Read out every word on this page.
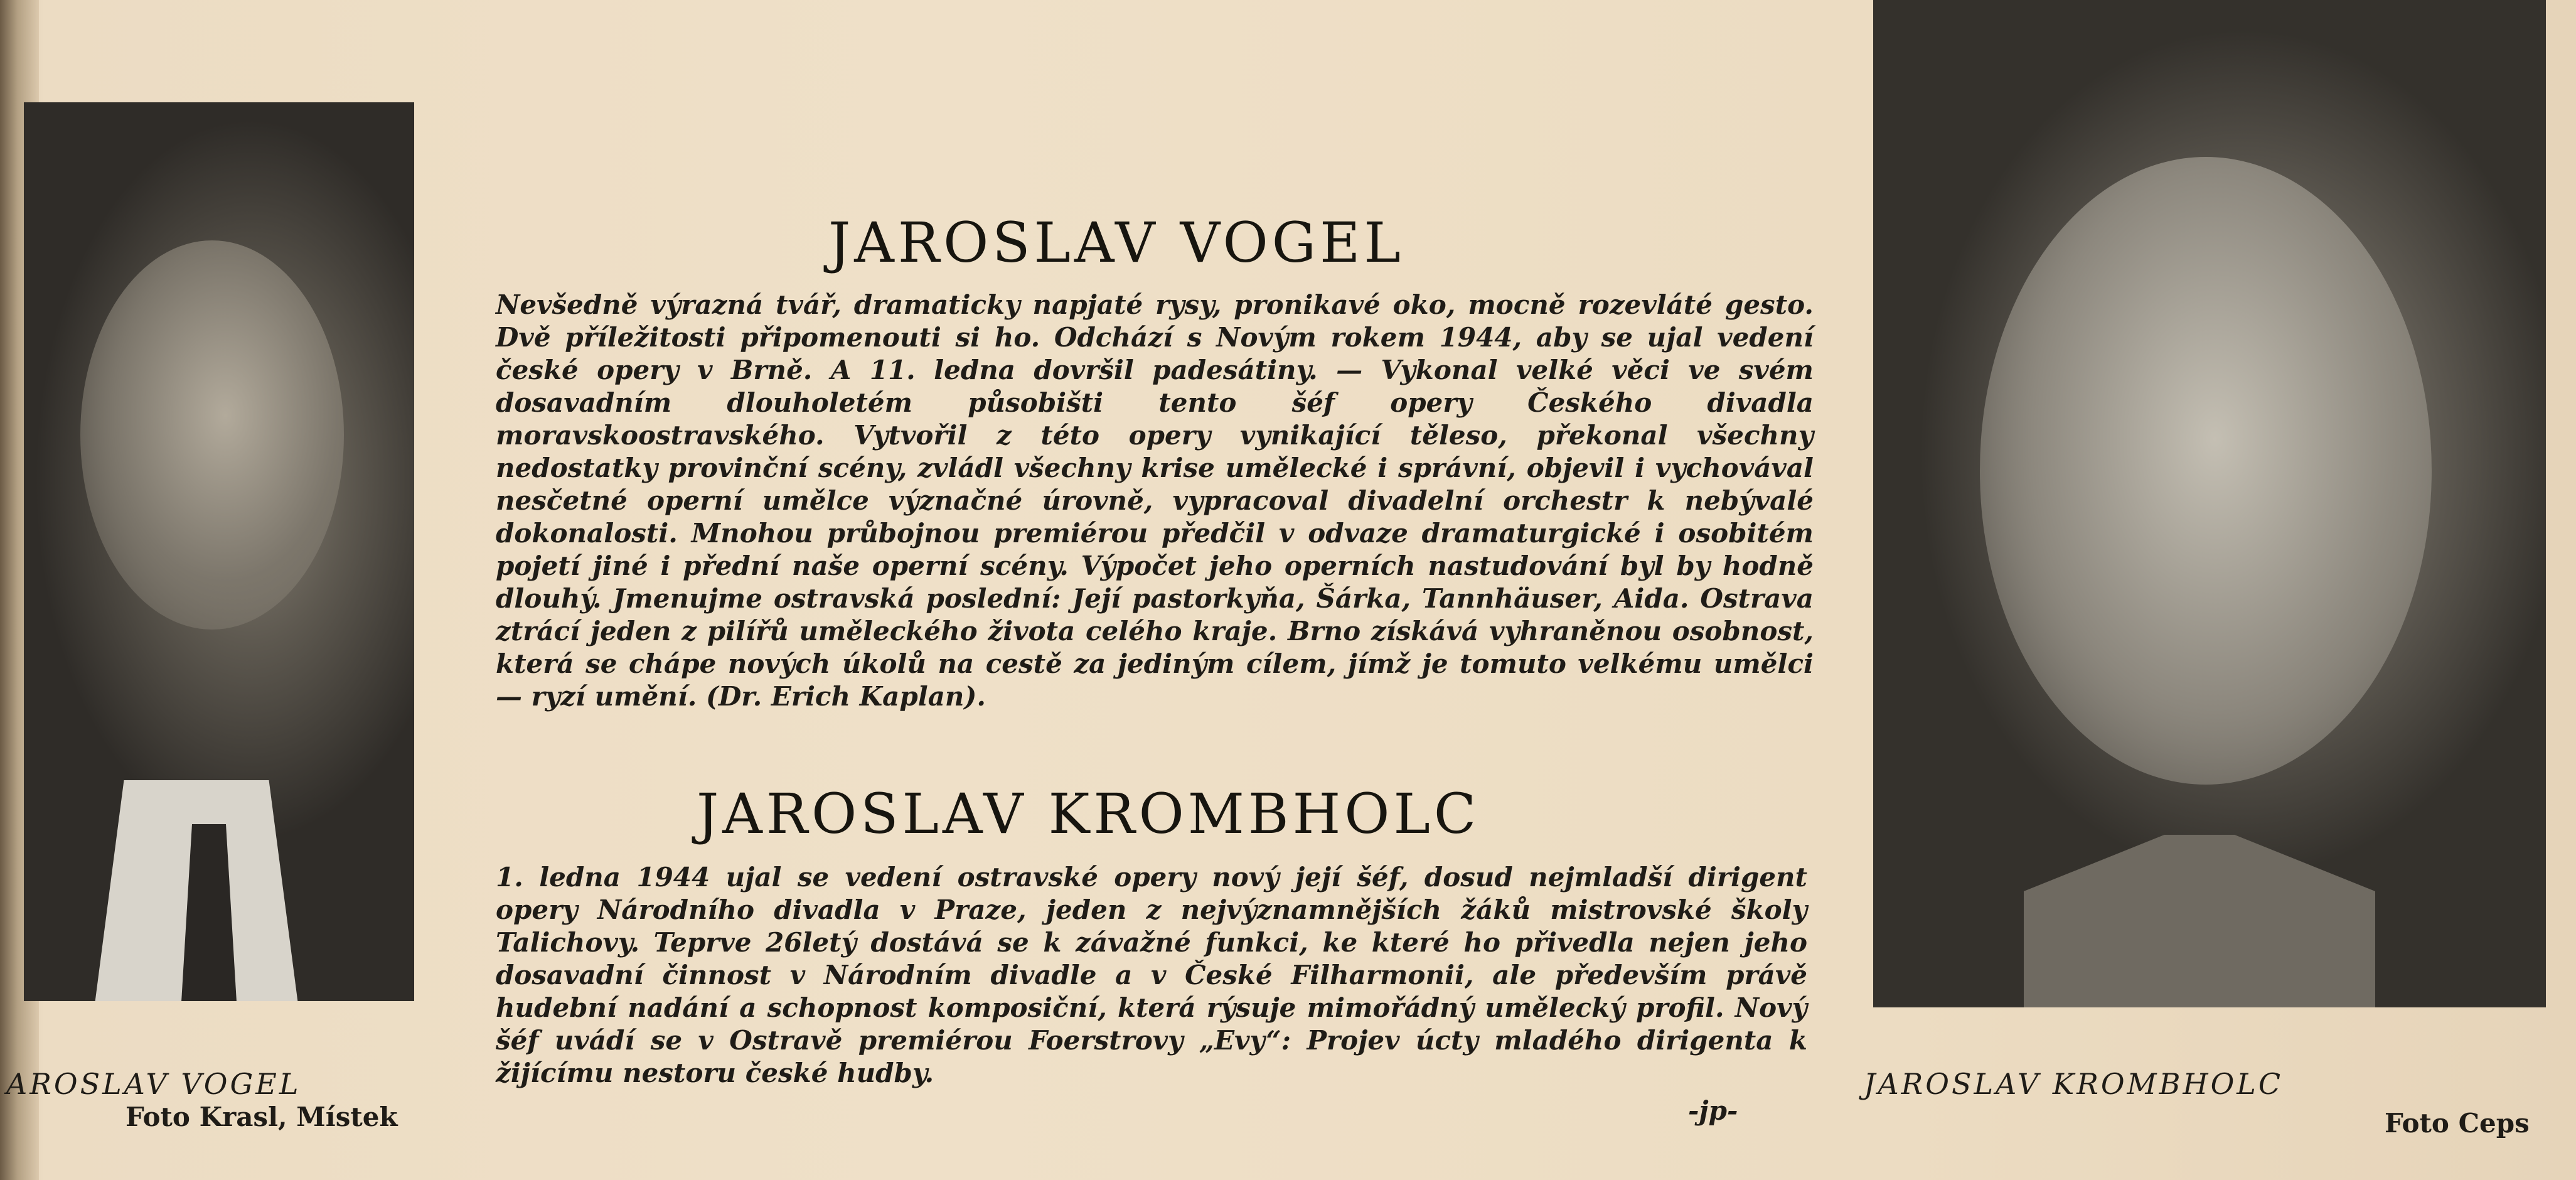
JAROSLAV VOGEL

Nevšedně výrazná tvář, dramaticky napjaté rysy, pronikavé oko, mocně rozevláté gesto. Dvě příležitosti připomenouti si ho. Odchází s Novým rokem 1944, aby se ujal vedení české opery v Brně. A 11. ledna dovršil padesátiny. — Vykonal velké věci ve svém dosavadním dlouholetém působišti tento šéf opery Českého divadla moravskoostravského. Vytvořil z této opery vynikající těleso, překonal všechny nedostatky provinční scény, zvládl všechny krise umělecké i správní, objevil i vychovával nesčetné operní umělce význačné úrovně, vypracoval divadelní orchestr k nebývalé dokonalosti. Mnohou průbojnou premiérou předčil v odvaze dramaturgické i osobitém pojetí jiné i přední naše operní scény. Výpočet jeho operních nastudování byl by hodně dlouhý. Jmenujme ostravská poslední: Její pastorkyňa, Šárka, Tannhäuser, Aida. Ostrava ztrácí jeden z pilířů uměleckého života celého kraje. Brno získává vyhraněnou osobnost, která se chápe nových úkolů na cestě za jediným cílem, jímž je tomuto velkému umělci — ryzí umění. (Dr. Erich Kaplan).

JAROSLAV KROMBHOLC

1. ledna 1944 ujal se vedení ostravské opery nový její šéf, dosud nejmladší dirigent opery Národního divadla v Praze, jeden z nejvýznamnějších žáků mistrovské školy Talichovy. Teprve 26letý dostává se k závažné funkci, ke které ho přivedla nejen jeho dosavadní činnost v Národním divadle a v České Filharmonii, ale především právě hudební nadání a schopnost komposiční, která rýsuje mimořádný umělecký profil. Nový šéf uvádí se v Ostravě premiérou Foerstrovy „Evy“: Projev úcty mladého dirigenta k žijícímu nestoru české hudby.

-jp-
AROSLAV VOGEL
Foto Krasl, Místek
JAROSLAV KROMBHOLC
Foto Ceps
